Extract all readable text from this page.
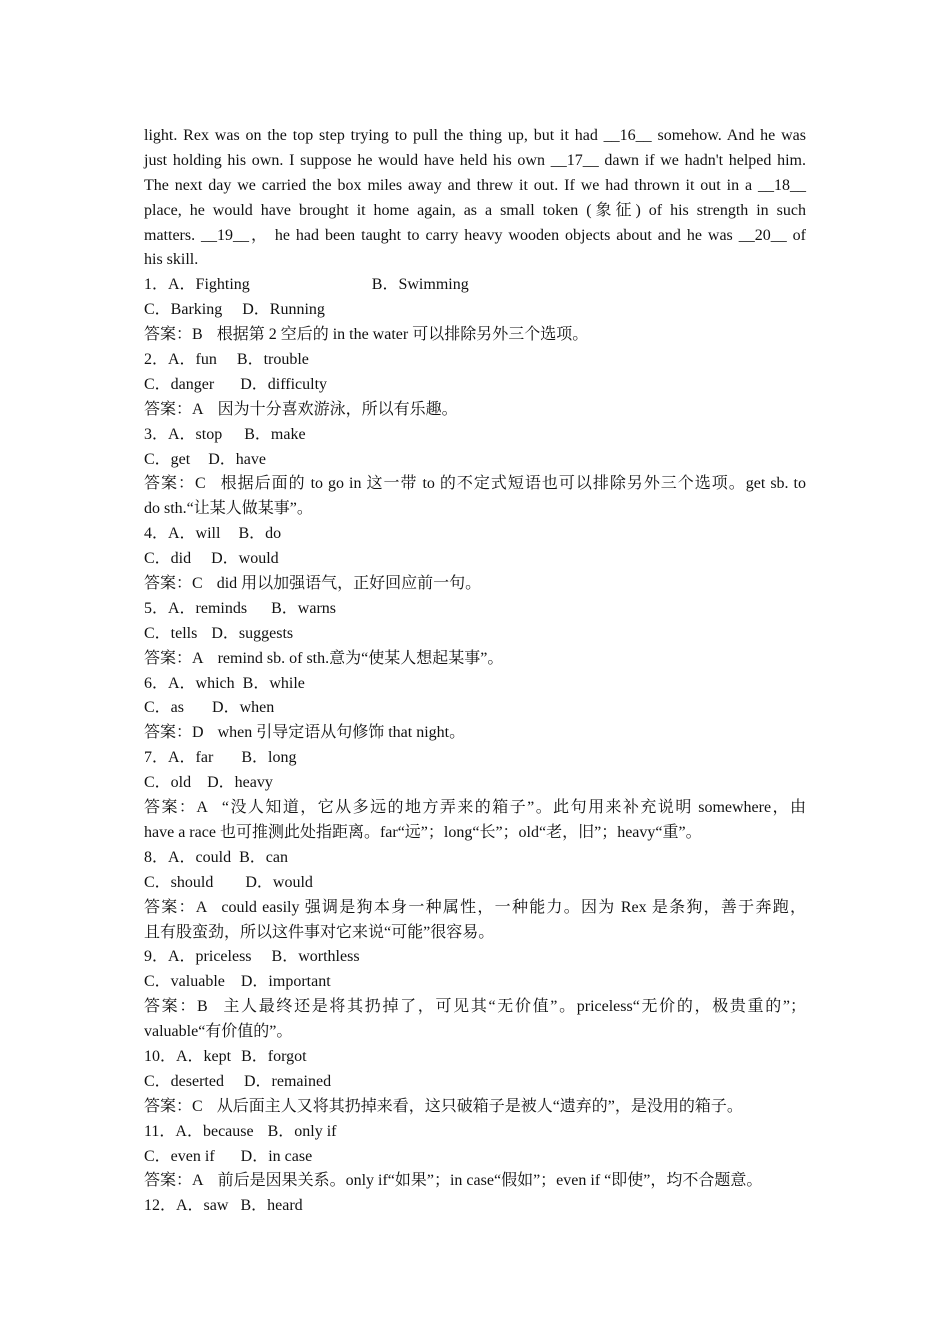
light. Rex was on the top step trying to pull the thing up, but it had __16__ somehow. And he was
just holding his own. I suppose he would have held his own __17__ dawn if we hadn't helped him.
The next day we carried the box miles away and threw it out. If we had thrown it out in a __18__
place, he would have brought it home again, as a small token (象征) of his strength in such
matters. __19__， he had been taught to carry heavy wooden objects about and he was __20__ of
his skill.
1．A．Fighting	B．Swimming
C．Barking D．Running
答案：B 根据第 2 空后的 in the water 可以排除另外三个选项。
2．A．fun B．trouble
C．danger D．difficulty
答案：A 因为十分喜欢游泳，所以有乐趣。
3．A．stop B．make
C．get D．have
答案：C 根据后面的 to go in 这一带 to 的不定式短语也可以排除另外三个选项。get sb. to
do sth.“让某人做某事”。
4．A．will B．do
C．did D．would
答案：C did 用以加强语气，正好回应前一句。
5．A．reminds B．warns
C．tells D．suggests
答案：A remind sb. of sth.意为“使某人想起某事”。
6．A．which B．while
C．as D．when
答案：D when 引导定语从句修饰 that night。
7．A．far B．long
C．old D．heavy
答案：A “没人知道，它从多远的地方弄来的箱子”。此句用来补充说明 somewhere，由
have a race 也可推测此处指距离。far“远”；long“长”；old“老，旧”；heavy“重”。
8．A．could B．can
C．should D．would
答案：A could easily 强调是狗本身一种属性，一种能力。因为 Rex 是条狗，善于奔跑，
且有股蛮劲，所以这件事对它来说“可能”很容易。
9．A．priceless B．worthless
C．valuable D．important
答案：B 主人最终还是将其扔掉了，可见其“无价值”。priceless“无价的，极贵重的”；
valuable“有价值的”。
10．A．kept B．forgot
C．deserted D．remained
答案：C 从后面主人又将其扔掉来看，这只破箱子是被人“遗弃的”，是没用的箱子。
11．A．because B．only if
C．even if D．in case
答案：A 前后是因果关系。only if“如果”；in case“假如”；even if “即使”，均不合题意。
12．A．saw B．heard
